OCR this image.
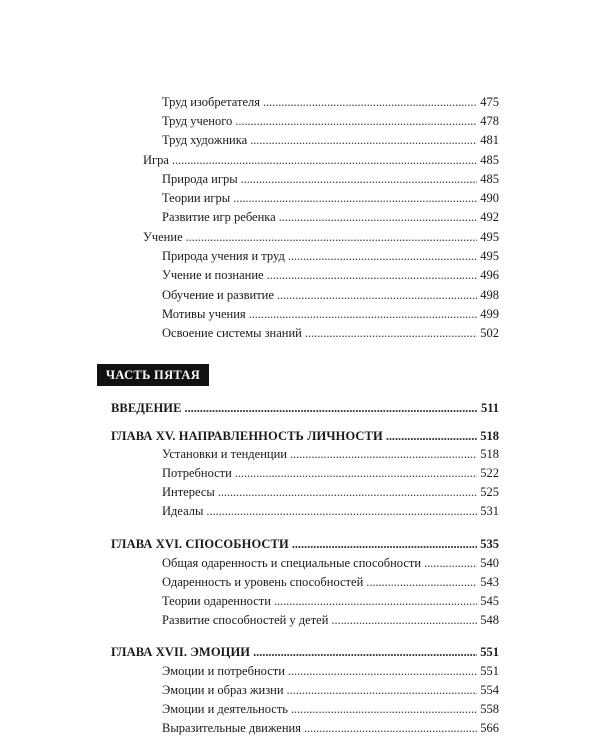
Труд изобретателя . . .	475
Труд ученого . . .	478
Труд художника . . .	481
Игра . . .	485
Природа игры . . .	485
Теории игры . . .	490
Развитие игр ребенка . . .	492
Учение . . .	495
Природа учения и труд . . .	495
Учение и познание . . .	496
Обучение и развитие . . .	498
Мотивы учения . . .	499
Освоение системы знаний . . .	502
ЧАСТЬ ПЯТАЯ
ВВЕДЕНИЕ . . .	511
ГЛАВА XV. НАПРАВЛЕННОСТЬ ЛИЧНОСТИ . . .	518
Установки и тенденции . . .	518
Потребности . . .	522
Интересы . . .	525
Идеалы . . .	531
ГЛАВА XVI. СПОСОБНОСТИ . . .	535
Общая одаренность и специальные способности . . .	540
Одаренность и уровень способностей . . .	543
Теории одаренности . . .	545
Развитие способностей у детей . . .	548
ГЛАВА XVII. ЭМОЦИИ . . .	551
Эмоции и потребности . . .	551
Эмоции и образ жизни . . .	554
Эмоции и деятельность . . .	558
Выразительные движения . . .	566
